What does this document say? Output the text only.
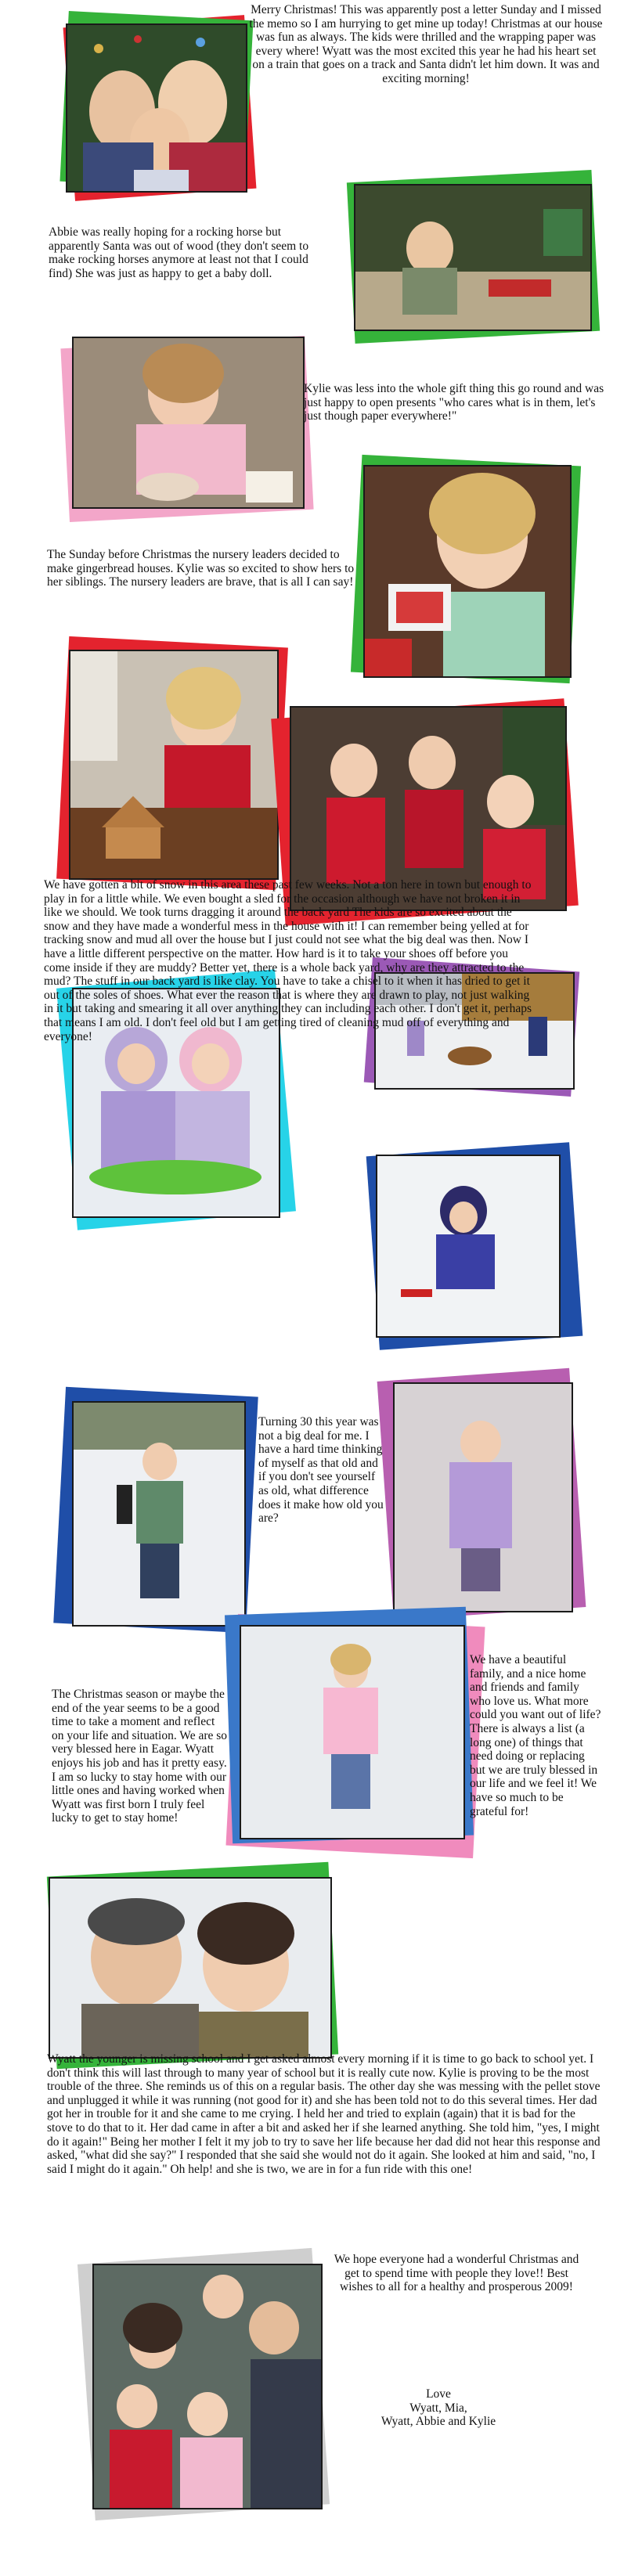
Merry Christmas! This was apparently post a letter Sunday and I missed the memo so I am hurrying to get mine up today! Christmas at our house was fun as always. The kids were thrilled and the wrapping paper was every where! Wyatt was the most excited this year he had his heart set on a train that goes on a track and Santa didn't let him down. It was and exciting morning!
Abbie was really hoping for a rocking horse but apparently Santa was out of wood (they don't seem to make rocking horses anymore at least not that I could find) She was just as happy to get a baby doll.
Kylie was less into the whole gift thing this go round and was just happy to open presents "who cares what is in them, let's just though paper everywhere!"
The Sunday before Christmas the nursery leaders decided to make gingerbread houses. Kylie was so excited to show hers to her siblings. The nursery leaders are brave, that is all I can say!
We have gotten a bit of snow in this area these past few weeks. Not a ton here in town but enough to play in for a little while. We even bought a sled for the occasion although we have not broken it in like we should. We took turns dragging it around the back yard The kids are so excited about the snow and they have made a wonderful mess in the house with it! I can remember being yelled at for tracking snow and mud all over the house but I just could not see what the big deal was then. Now I have a little different perspective on the matter. How hard is it to take your shoes off before you come inside if they are muddy? Better yet, there is a whole back yard, why are they attracted to the mud? The stuff in our back yard is like clay. You have to take a chisel to it when it has dried to get it out of the soles of shoes. What ever the reason that is where they are drawn to play, not just walking in it but taking and smearing it all over anything they can including each other. I don't get it, perhaps that means I am old. I don't feel old but I am getting tired of cleaning mud off of everything and everyone!
Turning 30 this year was not a big deal for me. I have a hard time thinking of myself as that old and if you don't see yourself as old, what difference does it make how old you are?
The Christmas season or maybe the end of the year seems to be a good time to take a moment and reflect on your life and situation. We are so very blessed here in Eagar. Wyatt enjoys his job and has it pretty easy. I am so lucky to stay home with our little ones and having worked when Wyatt was first born I truly feel lucky to get to stay home!
We have a beautiful family, and a nice home and friends and family who love us. What more could you want out of life? There is always a list (a long one) of things that need doing or replacing but we are truly blessed in our life and we feel it! We have so much to be grateful for!
Wyatt the younger is missing school and I get asked almost every morning if it is time to go back to school yet. I don't think this will last through to many year of school but it is really cute now. Kylie is proving to be the most trouble of the three. She reminds us of this on a regular basis. The other day she was messing with the pellet stove and unplugged it while it was running (not good for it) and she has been told not to do this several times. Her dad got her in trouble for it and she came to me crying. I held her and tried to explain (again) that it is bad for the stove to do that to it. Her dad came in after a bit and asked her if she learned anything. She told him, "yes, I might do it again!" Being her mother I felt it my job to try to save her life because her dad did not hear this response and asked, "what did she say?" I responded that she said she would not do it again. She looked at him and said, "no, I said I might do it again." Oh help! and she is two, we are in for a fun ride with this one!
We hope everyone had a wonderful Christmas and get to spend time with people they love!! Best wishes to all for a healthy and prosperous 2009!
Love
Wyatt, Mia,
Wyatt, Abbie and Kylie
